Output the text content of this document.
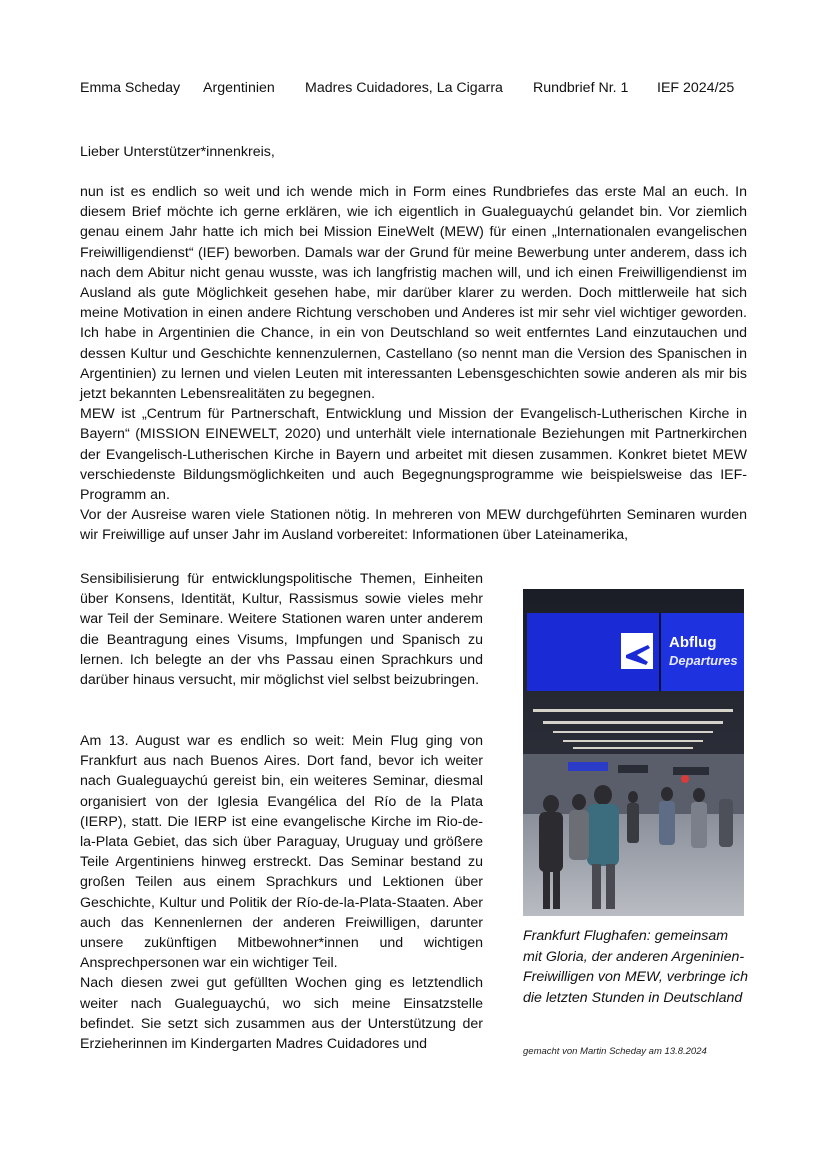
Emma Scheday	Argentinien	Madres Cuidadores, La Cigarra	Rundbrief Nr. 1	IEF 2024/25
Lieber Unterstützer*innenkreis,

nun ist es endlich so weit und ich wende mich in Form eines Rundbriefes das erste Mal an euch. In diesem Brief möchte ich gerne erklären, wie ich eigentlich in Gualeguaychú gelandet bin. Vor ziemlich genau einem Jahr hatte ich mich bei Mission EineWelt (MEW) für einen „Internationalen evangelischen Freiwilligendienst“ (IEF) beworben. Damals war der Grund für meine Bewerbung unter anderem, dass ich nach dem Abitur nicht genau wusste, was ich langfristig machen will, und ich einen Freiwilligendienst im Ausland als gute Möglichkeit gesehen habe, mir darüber klarer zu werden. Doch mittlerweile hat sich meine Motivation in einen andere Richtung verschoben und Anderes ist mir sehr viel wichtiger geworden. Ich habe in Argentinien die Chance, in ein von Deutschland so weit entferntes Land einzutauchen und dessen Kultur und Geschichte kennenzulernen, Castellano (so nennt man die Version des Spanischen in Argentinien) zu lernen und vielen Leuten mit interessanten Lebensgeschichten sowie anderen als mir bis jetzt bekannten Lebensrealitäten zu begegnen.

MEW ist „Centrum für Partnerschaft, Entwicklung und Mission der Evangelisch-Lutherischen Kirche in Bayern“ (MISSION EINEWELT, 2020) und unterhält viele internationale Beziehungen mit Partnerkirchen der Evangelisch-Lutherischen Kirche in Bayern und arbeitet mit diesen zusammen. Konkret bietet MEW verschiedenste Bildungsmöglichkeiten und auch Begegnungsprogramme wie beispielsweise das IEF-Programm an.

Vor der Ausreise waren viele Stationen nötig. In mehreren von MEW durchgeführten Seminaren wurden wir Freiwillige auf unser Jahr im Ausland vorbereitet: Informationen über Lateinamerika,

Sensibilisierung für entwicklungspolitische Themen, Einheiten über Konsens, Identität, Kultur, Rassismus sowie vieles mehr war Teil der Seminare. Weitere Stationen waren unter anderem die Beantragung eines Visums, Impfungen und Spanisch zu lernen. Ich belegte an der vhs Passau einen Sprachkurs und darüber hinaus versucht, mir möglichst viel selbst beizubringen.

Am 13. August war es endlich so weit: Mein Flug ging von Frankfurt aus nach Buenos Aires. Dort fand, bevor ich weiter nach Gualeguaychú gereist bin, ein weiteres Seminar, diesmal organisiert von der Iglesia Evangélica del Río de la Plata (IERP), statt. Die IERP ist eine evangelische Kirche im Rio-de-la-Plata Gebiet, das sich über Paraguay, Uruguay und größere Teile Argentiniens hinweg erstreckt. Das Seminar bestand zu großen Teilen aus einem Sprachkurs und Lektionen über Geschichte, Kultur und Politik der Río-de-la-Plata-Staaten. Aber auch das Kennenlernen der anderen Freiwilligen, darunter unsere zukünftigen Mitbewohner*innen und wichtigen Ansprechpersonen war ein wichtiger Teil.

Nach diesen zwei gut gefüllten Wochen ging es letztendlich weiter nach Gualeguaychú, wo sich meine Einsatzstelle befindet. Sie setzt sich zusammen aus der Unterstützung der Erzieherinnen im Kindergarten Madres Cuidadores und

Abflug
Departures
Frankfurt Flughafen: gemeinsam mit Gloria, der anderen Argeninien-Freiwilligen von MEW, verbringe ich die letzten Stunden in Deutschland
gemacht von Martin Scheday am 13.8.2024
